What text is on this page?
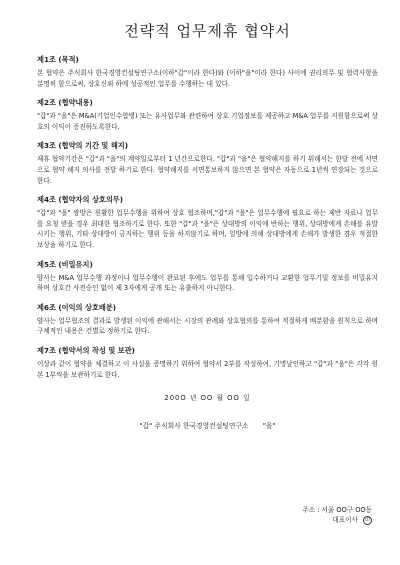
전략적 업무제휴 협약서
제1조 (목적)
본 협약은 주식회사 한국경영컨설팅연구소(이하"갑"이라 한다)와 (이하"을"이라 한다) 사이에 권리의무 및 협력사항을 분명히 함으로써, 상호신뢰 하에 성공적인 업무를 수행하는 데 있다.
제2조 (협약내용)
"갑"과 "을"은 M&A(기업인수합병) 또는 유사업무와 관련하여 상호 기업정보를 제공하고 M&A 업무를 지원함으로써 상호의 이익이 증진하도록한다.
제3조 (협약의 기간 및 해지)
제휴 협약기간은 "갑"과 "을"의 계약일로부터 1 년간으로한다. "갑"과 "을"은 협약해지를 하기 위해서는 한달 전에 서면으로 협약 해지 의사를 전달 하기로 한다. 협약해지를 서면통보하지 않으면 본 협약은 자동으로 1년씩 연장되는 것으로 한다.
제4조 (협약자의 상호의무)
"갑"과 "을" 쌍방은 원활한 업무수행을 위하여 상호 협조하며,"갑"과 "을"은 업무수행에 필요로 하는 제반 자료나 업무를 요청 받을 경우 최대한 협조하기로 한다. 또한 "갑"과 "을"은 상대방의 이익에 반하는 행위, 상대방에게 손해를 유발시키는 행위, 기타 상대방이 금지하는 행위 등을 하지않기로 하며, 일방에 의해 상대방에게 손해가 발생한 경우 적절한 보상을 하기로 한다.
제5조 (비밀유지)
양사는 M&A 업무수행 과정이나 업무수행이 완료된 후에도 업무를 통해 입수하거나 교환한 업무기밀 정보를 비밀유지하며 상호간 사전승인 없이 제 3자에게 공개 또는 유출하지 아니한다.
제6조 (이익의 상호배분)
양사는 업무협조의 결과로 발생된 이익에 관해서는 시장의 관례와 상호협의를 통하여 적절하게 배분함을 원칙으로 하며 구체적인 내용은 건별로 정하기로 한다.
제7조 (협약서의 작성 및 보관)
이상과 같이 협약을 체결하고 이 사실을 증명하기 위하여 협약서 2부를 작성하여, 기명날인하고 "갑"과 "을"은 각각 원본 1부씩을 보관하기로 한다.
200O 년 OO 월 OO 일
"갑" 주식회사 한국경영컨설팅연구소 "을"
주소 : 서울 OO구 OO동
대표이사 印
